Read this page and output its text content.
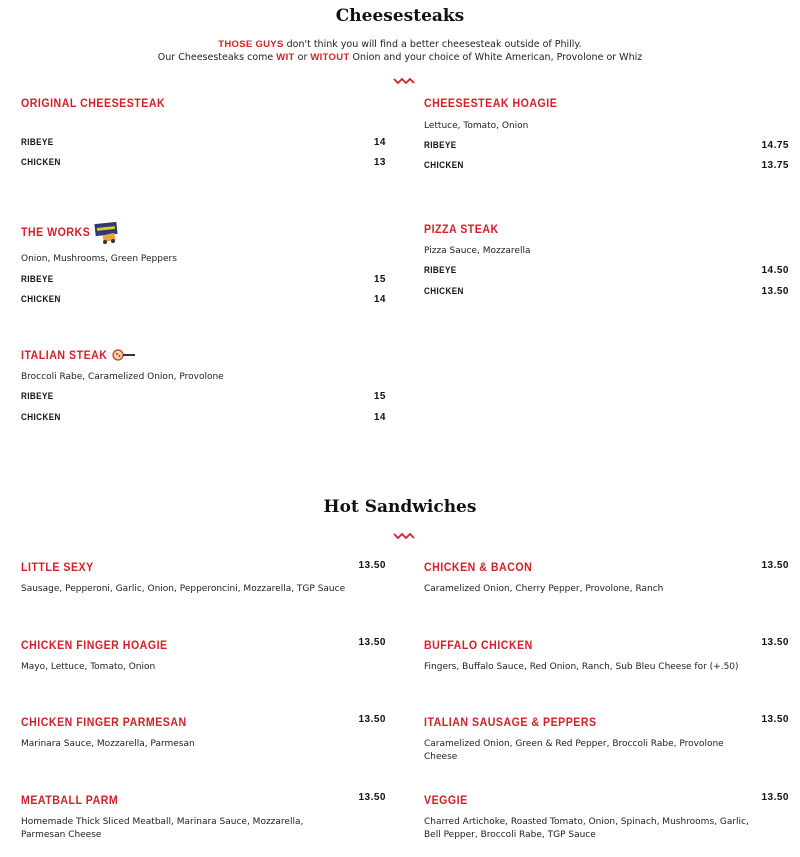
Cheesesteaks
THOSE GUYS don't think you will find a better cheesesteak outside of Philly.
Our Cheesesteaks come WIT or WITOUT Onion and your choice of White American, Provolone or Whiz
ORIGINAL CHEESESTEAK
RIBEYE	14
CHICKEN	13
CHEESESTEAK HOAGIE
Lettuce, Tomato, Onion
RIBEYE	14.75
CHICKEN	13.75
THE WORKS
Onion, Mushrooms, Green Peppers
RIBEYE	15
CHICKEN	14
PIZZA STEAK
Pizza Sauce, Mozzarella
RIBEYE	14.50
CHICKEN	13.50
ITALIAN STEAK
Broccoli Rabe, Caramelized Onion, Provolone
RIBEYE	15
CHICKEN	14
Hot Sandwiches
LITTLE SEXY	13.50
Sausage, Pepperoni, Garlic, Onion, Pepperoncini, Mozzarella, TGP Sauce
CHICKEN & BACON	13.50
Caramelized Onion, Cherry Pepper, Provolone, Ranch
CHICKEN FINGER HOAGIE	13.50
Mayo, Lettuce, Tomato, Onion
BUFFALO CHICKEN	13.50
Fingers, Buffalo Sauce, Red Onion, Ranch, Sub Bleu Cheese for (+.50)
CHICKEN FINGER PARMESAN	13.50
Marinara Sauce, Mozzarella, Parmesan
ITALIAN SAUSAGE & PEPPERS	13.50
Caramelized Onion, Green & Red Pepper, Broccoli Rabe, Provolone
Cheese
MEATBALL PARM	13.50
Homemade Thick Sliced Meatball, Marinara Sauce, Mozzarella,
Parmesan Cheese
VEGGIE	13.50
Charred Artichoke, Roasted Tomato, Onion, Spinach, Mushrooms, Garlic,
Bell Pepper, Broccoli Rabe, TGP Sauce
